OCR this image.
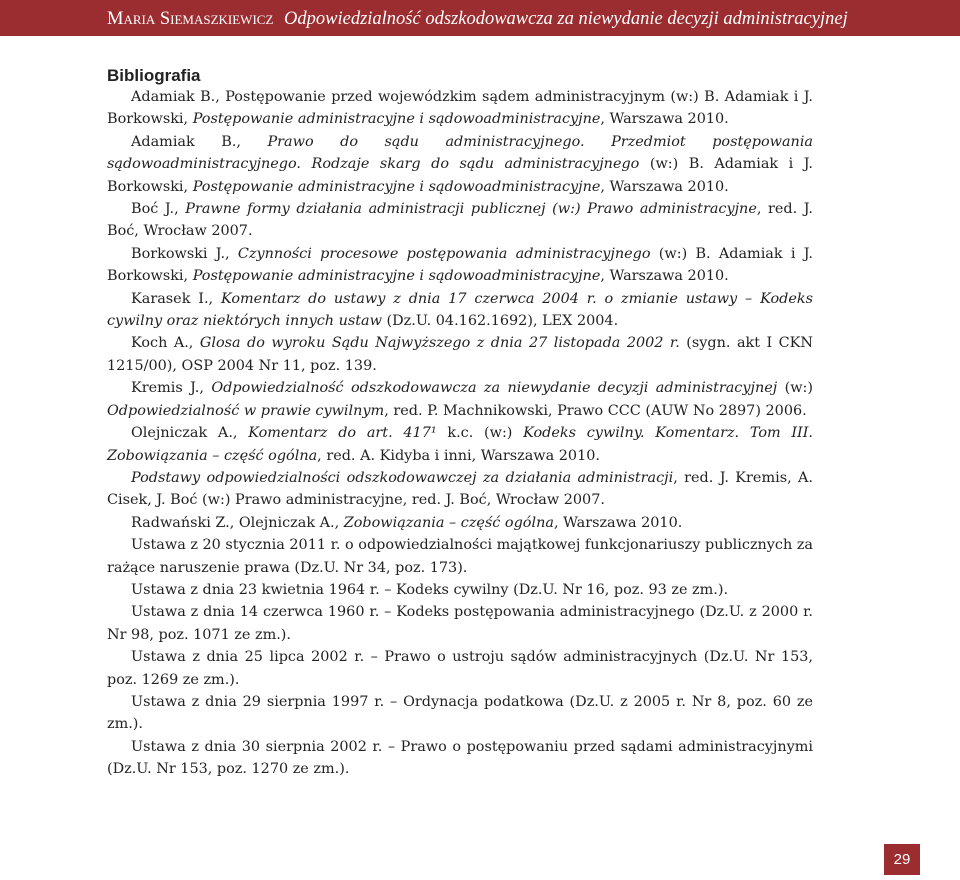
Maria Siemaszkiewicz Odpowiedzialność odszkodowawcza za niewydanie decyzji administracyjnej
Bibliografia

Adamiak B., Postępowanie przed wojewódzkim sądem administracyjnym (w:) B. Adamiak i J. Borkowski, Postępowanie administracyjne i sądowoadministracyjne, Warszawa 2010.

Adamiak B., Prawo do sądu administracyjnego. Przedmiot postępowania sądowoadministracyjnego. Rodzaje skarg do sądu administracyjnego (w:) B. Adamiak i J. Borkowski, Postępowanie administracyjne i sądowoadministracyjne, Warszawa 2010.

Boć J., Prawne formy działania administracji publicznej (w:) Prawo administracyjne, red. J. Boć, Wrocław 2007.

Borkowski J., Czynności procesowe postępowania administracyjnego (w:) B. Adamiak i J. Borkowski, Postępowanie administracyjne i sądowoadministracyjne, Warszawa 2010.

Karasek I., Komentarz do ustawy z dnia 17 czerwca 2004 r. o zmianie ustawy – Kodeks cywilny oraz niektórych innych ustaw (Dz.U. 04.162.1692), LEX 2004.

Koch A., Glosa do wyroku Sądu Najwyższego z dnia 27 listopada 2002 r. (sygn. akt I CKN 1215/00), OSP 2004 Nr 11, poz. 139.

Kremis J., Odpowiedzialność odszkodowawcza za niewydanie decyzji administracyjnej (w:) Odpowiedzialność w prawie cywilnym, red. P. Machnikowski, Prawo CCC (AUW No 2897) 2006.

Olejniczak A., Komentarz do art. 417¹ k.c. (w:) Kodeks cywilny. Komentarz. Tom III. Zobowiązania – część ogólna, red. A. Kidyba i inni, Warszawa 2010.

Podstawy odpowiedzialności odszkodowawczej za działania administracji, red. J. Kremis, A. Cisek, J. Boć (w:) Prawo administracyjne, red. J. Boć, Wrocław 2007.

Radwański Z., Olejniczak A., Zobowiązania – część ogólna, Warszawa 2010.

Ustawa z 20 stycznia 2011 r. o odpowiedzialności majątkowej funkcjonariuszy publicznych za rażące naruszenie prawa (Dz.U. Nr 34, poz. 173).

Ustawa z dnia 23 kwietnia 1964 r. – Kodeks cywilny (Dz.U. Nr 16, poz. 93 ze zm.).

Ustawa z dnia 14 czerwca 1960 r. – Kodeks postępowania administracyjnego (Dz.U. z 2000 r. Nr 98, poz. 1071 ze zm.).

Ustawa z dnia 25 lipca 2002 r. – Prawo o ustroju sądów administracyjnych (Dz.U. Nr 153, poz. 1269 ze zm.).

Ustawa z dnia 29 sierpnia 1997 r. – Ordynacja podatkowa (Dz.U. z 2005 r. Nr 8, poz. 60 ze zm.).

Ustawa z dnia 30 sierpnia 2002 r. – Prawo o postępowaniu przed sądami administracyjnymi (Dz.U. Nr 153, poz. 1270 ze zm.).

29
